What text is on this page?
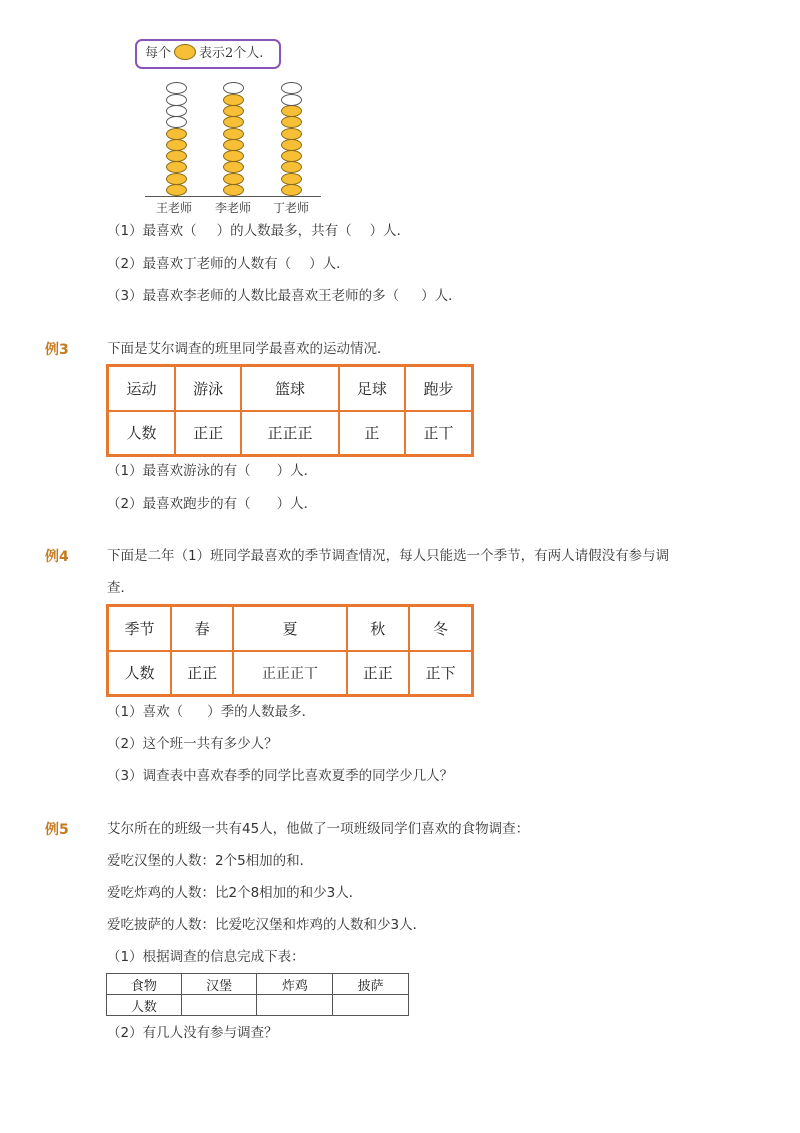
每个 表示2个人.
王老师 李老师 丁老师
（1）最喜欢（ ）的人数最多，共有（ ）人．
（2）最喜欢丁老师的人数有（ ）人．
（3）最喜欢李老师的人数比最喜欢王老师的多（ ）人．
例3	下面是艾尔调查的班里同学最喜欢的运动情况．
运动	游泳	篮球	足球	跑步
人数	正正	正正正	正	正丅
（1）最喜欢游泳的有（ ）人．
（2）最喜欢跑步的有（ ）人．
例4	下面是二年（1）班同学最喜欢的季节调查情况，每人只能选一个季节，有两人请假没有参与调
查．
季节	春	夏	秋	冬
人数	正正	正正正丅	正正	正下
（1）喜欢（ ）季的人数最多．
（2）这个班一共有多少人？
（3）调查表中喜欢春季的同学比喜欢夏季的同学少几人？
例5	艾尔所在的班级一共有45人，他做了一项班级同学们喜欢的食物调查：
爱吃汉堡的人数：2个5相加的和．
爱吃炸鸡的人数：比2个8相加的和少3人．
爱吃披萨的人数：比爱吃汉堡和炸鸡的人数和少3人．
（1）根据调查的信息完成下表：
食物	汉堡	炸鸡	披萨
人数			
（2）有几人没有参与调查？
